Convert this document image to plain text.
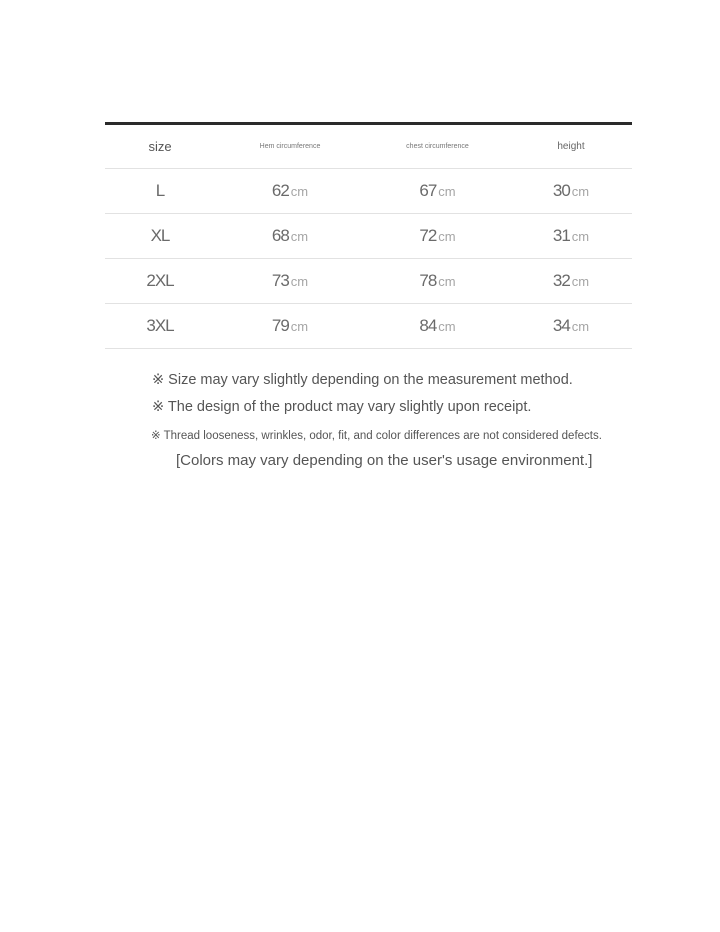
size	Hem circumference	chest circumference	height
L	62 cm	67 cm	30 cm
XL	68 cm	72 cm	31 cm
2XL	73 cm	78 cm	32 cm
3XL	79 cm	84 cm	34 cm
※ Size may vary slightly depending on the measurement method.
※ The design of the product may vary slightly upon receipt.
※ Thread looseness, wrinkles, odor, fit, and color differences are not considered defects.
[Colors may vary depending on the user's usage environment.]
